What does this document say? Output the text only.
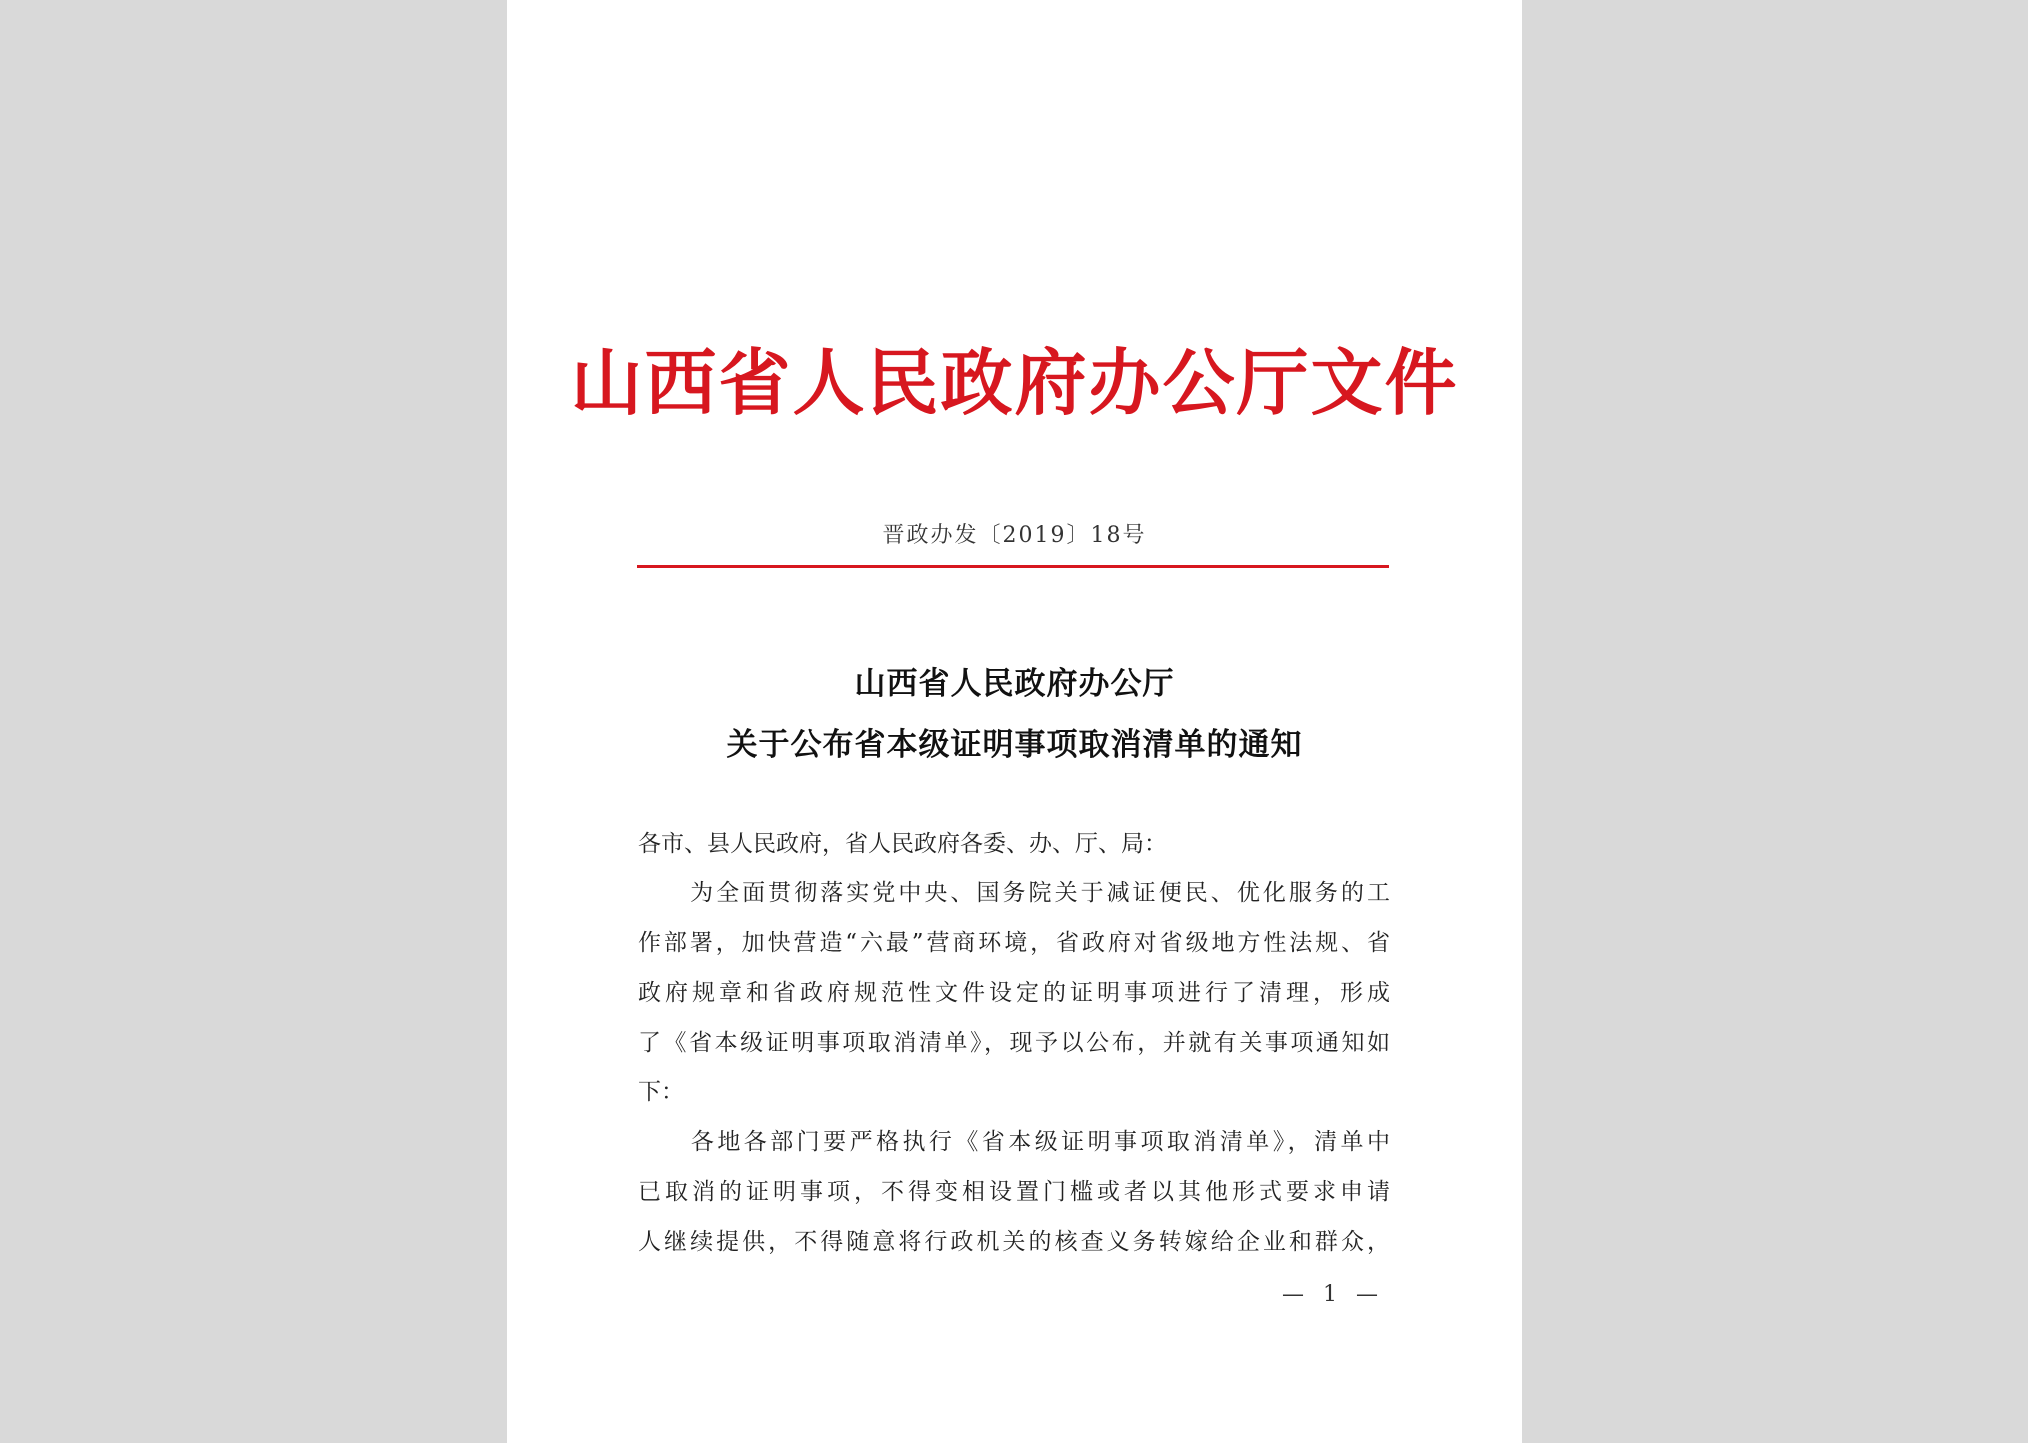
山西省人民政府办公厅文件
晋政办发〔2019〕18号
山西省人民政府办公厅
关于公布省本级证明事项取消清单的通知
各市、县人民政府，省人民政府各委、办、厅、局：
　　为全面贯彻落实党中央、国务院关于减证便民、优化服务的工
作部署，加快营造“六最”营商环境，省政府对省级地方性法规、省
政府规章和省政府规范性文件设定的证明事项进行了清理，形成
了《省本级证明事项取消清单》，现予以公布，并就有关事项通知如
下：
　　各地各部门要严格执行《省本级证明事项取消清单》，清单中
已取消的证明事项，不得变相设置门槛或者以其他形式要求申请
人继续提供，不得随意将行政机关的核查义务转嫁给企业和群众，
— 1 —
